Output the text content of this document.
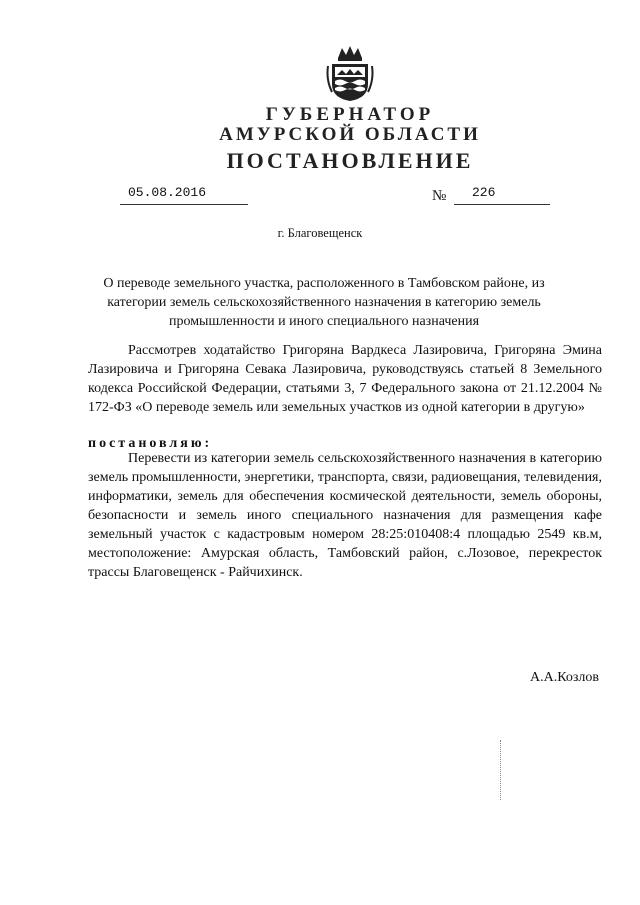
ГУБЕРНАТОР
АМУРСКОЙ ОБЛАСТИ
ПОСТАНОВЛЕНИЕ
05.08.2016	№ 226
г. Благовещенск
О переводе земельного участка, расположенного в Тамбовском районе, из категории земель сельскохозяйственного назначения в категорию земель промышленности и иного специального назначения
Рассмотрев ходатайство Григоряна Вардкеса Лазировича, Григоряна Эмина Лазировича и Григоряна Севака Лазировича, руководствуясь статьей 8 Земельного кодекса Российской Федерации, статьями 3, 7 Федерального закона от 21.12.2004 № 172-ФЗ «О переводе земель или земельных участков из одной категории в другую»
постановляю:
Перевести из категории земель сельскохозяйственного назначения в категорию земель промышленности, энергетики, транспорта, связи, радиовещания, телевидения, информатики, земель для обеспечения космической деятельности, земель обороны, безопасности и земель иного специального назначения для размещения кафе земельный участок с кадастровым номером 28:25:010408:4 площадью 2549 кв.м, местоположение: Амурская область, Тамбовский район, с.Лозовое, перекресток трассы Благовещенск - Райчихинск.
А.А.Козлов
